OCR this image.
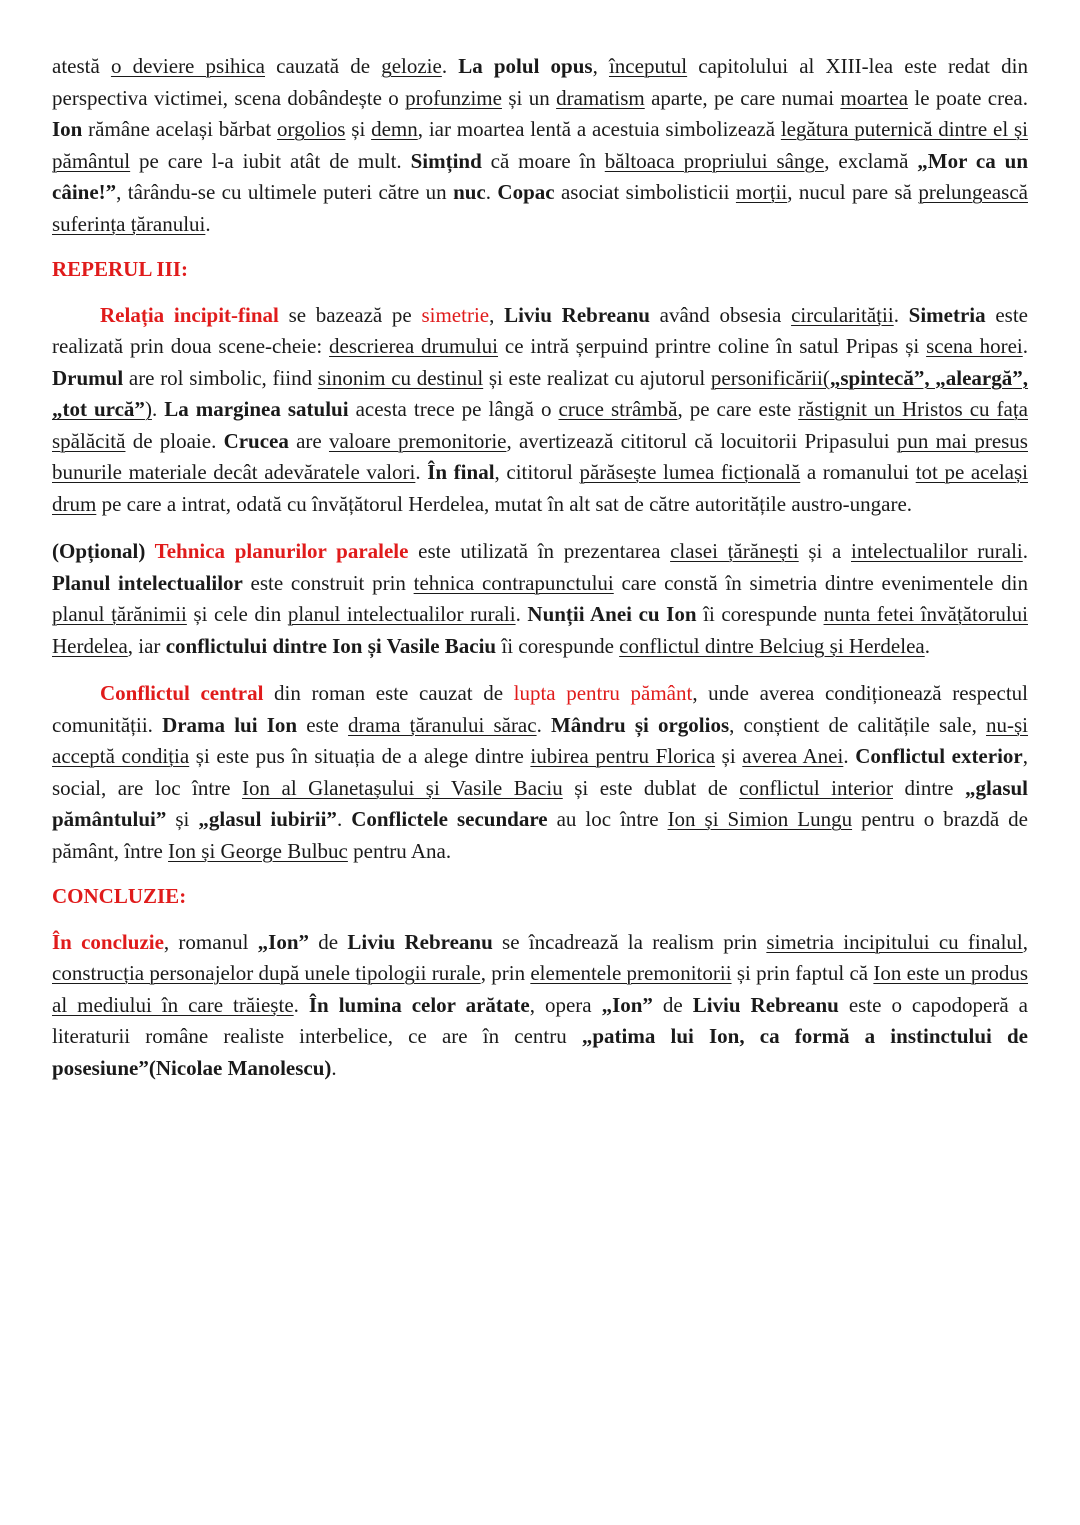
atestă o deviere psihica cauzată de gelozie. La polul opus, începutul capitolului al XIII-lea este redat din perspectiva victimei, scena dobândește o profunzime și un dramatism aparte, pe care numai moartea le poate crea. Ion rămâne același bărbat orgolios și demn, iar moartea lentă a acestuia simbolizează legătura puternică dintre el și pământul pe care l-a iubit atât de mult. Simțind că moare în băltoaca propriului sânge, exclamă „Mor ca un câine!”, târându-se cu ultimele puteri către un nuc. Copac asociat simbolisticii morții, nucul pare să prelungească suferința țăranului.

REPERUL III:

Relația incipit-final se bazează pe simetrie, Liviu Rebreanu având obsesia circularității. Simetria este realizată prin doua scene-cheie: descrierea drumului ce intră șerpuind printre coline în satul Pripas și scena horei. Drumul are rol simbolic, fiind sinonim cu destinul și este realizat cu ajutorul personificării(„spintecă”, „aleargă”, „tot urcă”). La marginea satului acesta trece pe lângă o cruce strâmbă, pe care este răstignit un Hristos cu fața spălăcită de ploaie. Crucea are valoare premonitorie, avertizează cititorul că locuitorii Pripasului pun mai presus bunurile materiale decât adevăratele valori. În final, cititorul părăsește lumea ficțională a romanului tot pe același drum pe care a intrat, odată cu învățătorul Herdelea, mutat în alt sat de către autoritățile austro-ungare.

(Opțional) Tehnica planurilor paralele este utilizată în prezentarea clasei țărănești și a intelectualilor rurali. Planul intelectualilor este construit prin tehnica contrapunctului care constă în simetria dintre evenimentele din planul țărănimii și cele din planul intelectualilor rurali. Nunții Anei cu Ion îi corespunde nunta fetei învățătorului Herdelea, iar conflictului dintre Ion și Vasile Baciu îi corespunde conflictul dintre Belciug și Herdelea.

Conflictul central din roman este cauzat de lupta pentru pământ, unde averea condiționează respectul comunității. Drama lui Ion este drama țăranului sărac. Mândru și orgolios, conștient de calitățile sale, nu-și acceptă condiția și este pus în situația de a alege dintre iubirea pentru Florica și averea Anei. Conflictul exterior, social, are loc între Ion al Glanetașului și Vasile Baciu și este dublat de conflictul interior dintre „glasul pământului” și „glasul iubirii”. Conflictele secundare au loc între Ion și Simion Lungu pentru o brazdă de pământ, între Ion și George Bulbuc pentru Ana.

CONCLUZIE:

În concluzie, romanul „Ion” de Liviu Rebreanu se încadrează la realism prin simetria incipitului cu finalul, construcția personajelor după unele tipologii rurale, prin elementele premonitorii și prin faptul că Ion este un produs al mediului în care trăiește. În lumina celor arătate, opera „Ion” de Liviu Rebreanu este o capodoperă a literaturii române realiste interbelice, ce are în centru „patima lui Ion, ca formă a instinctului de posesiune”(Nicolae Manolescu).
